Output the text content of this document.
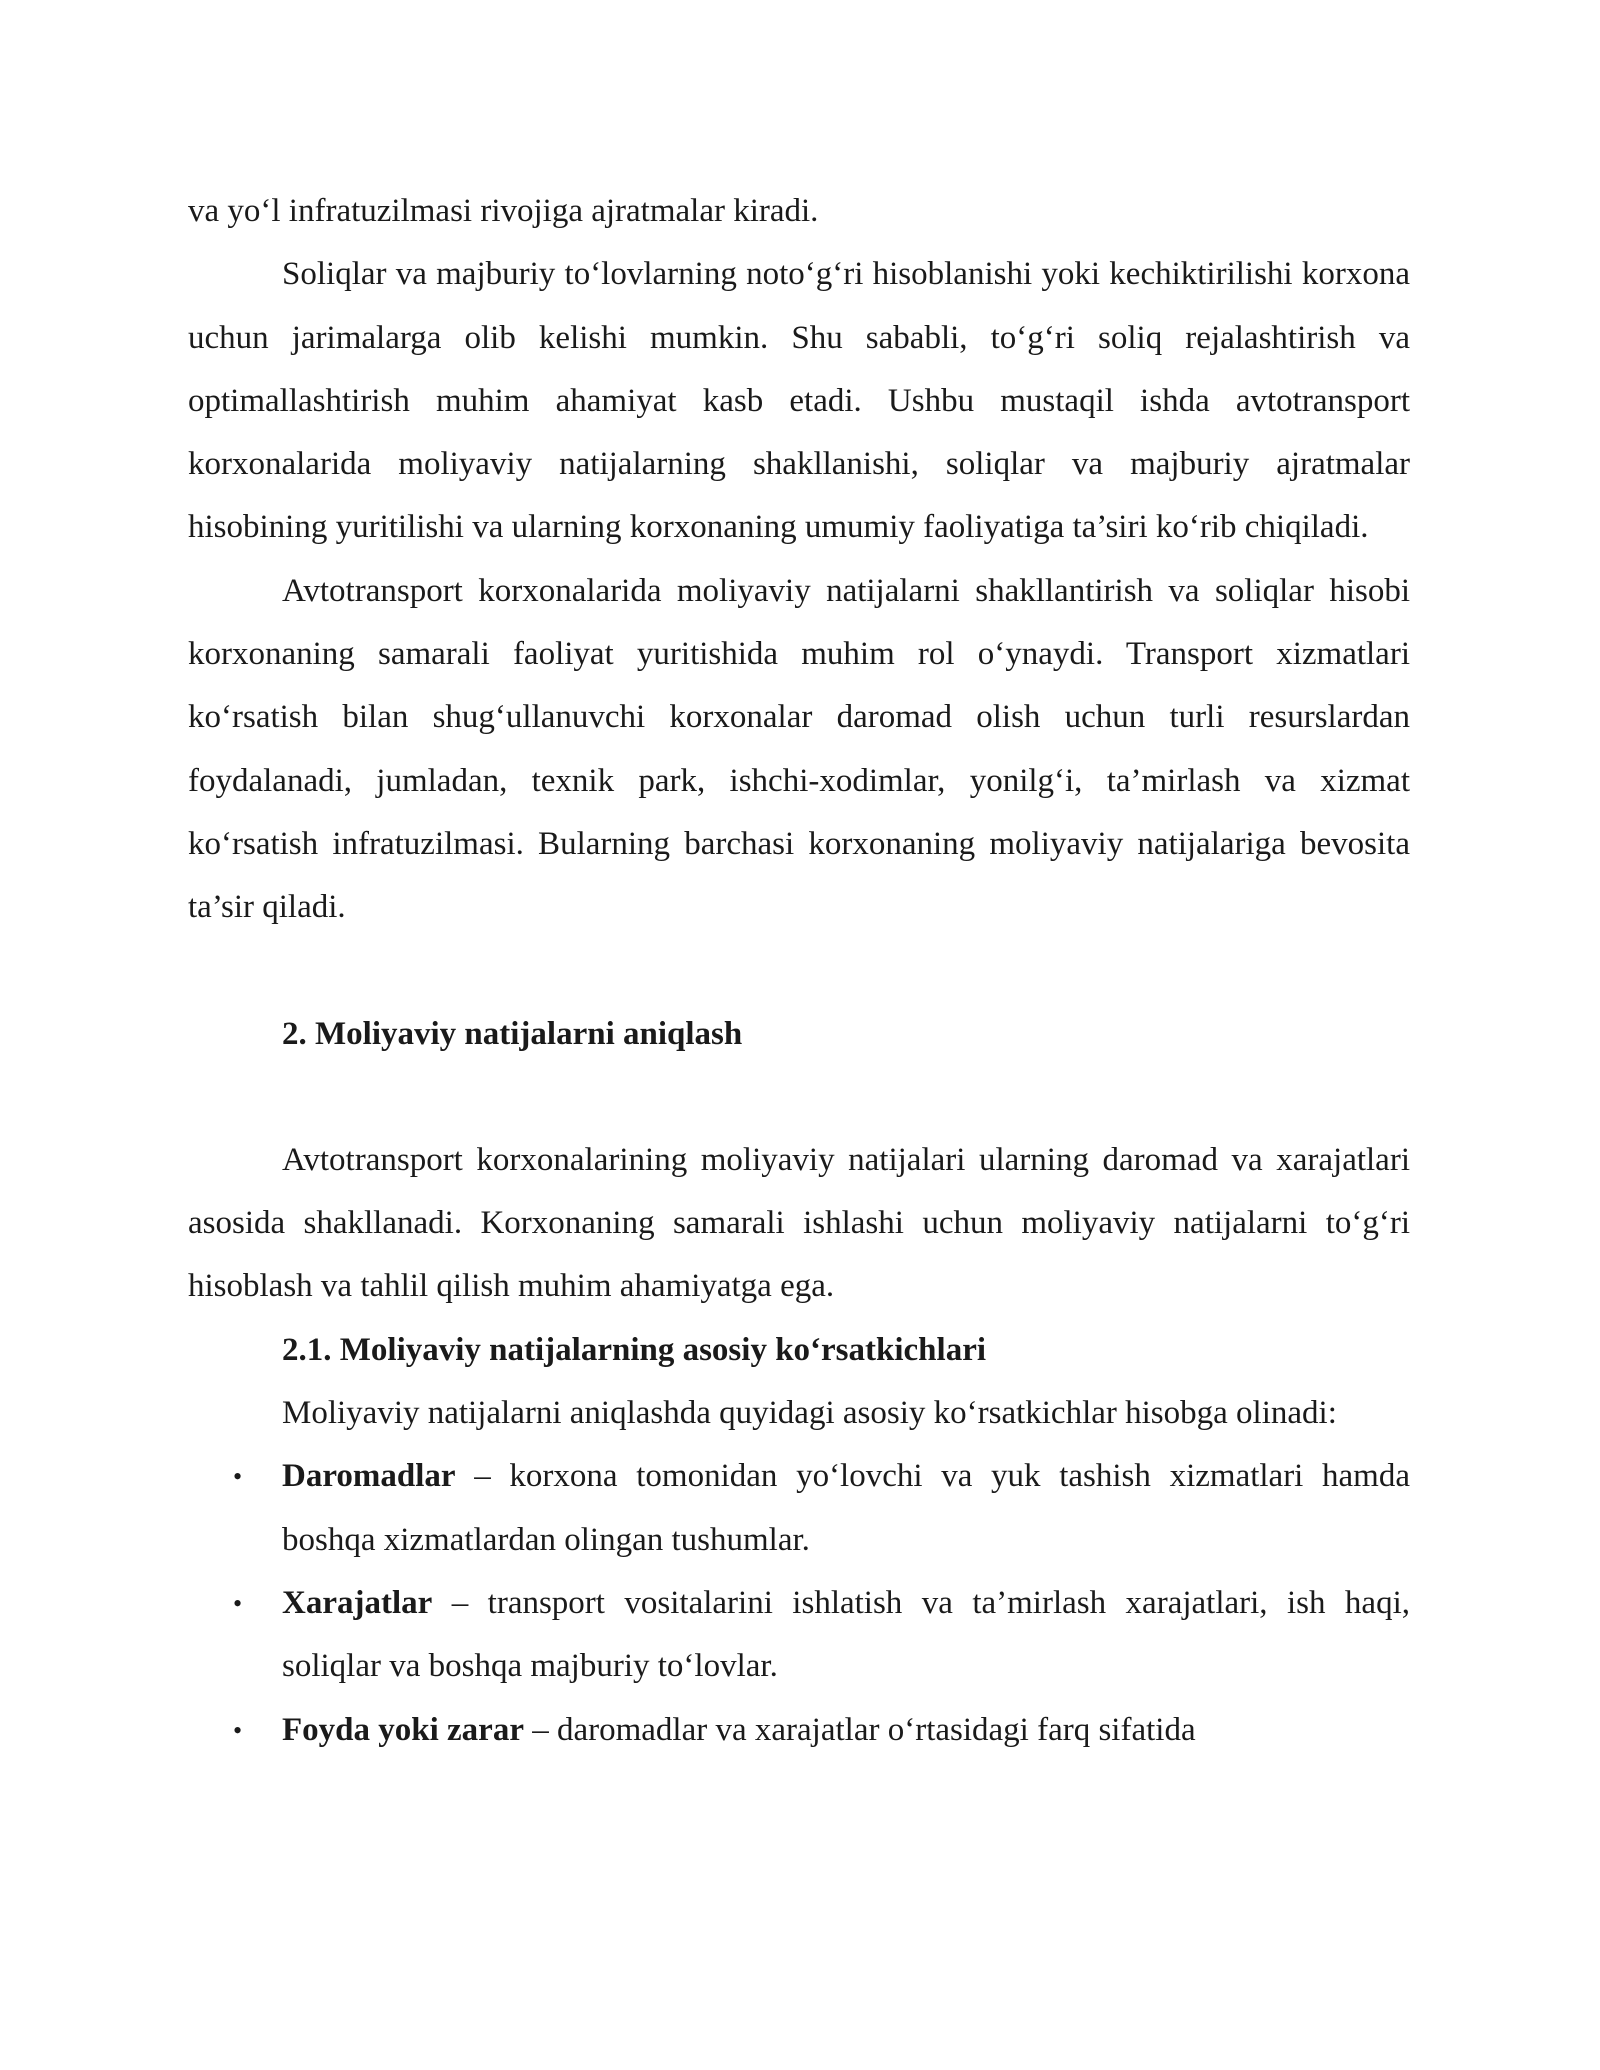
va yo‘l infratuzilmasi rivojiga ajratmalar kiradi.

Soliqlar va majburiy to‘lovlarning noto‘g‘ri hisoblanishi yoki kechiktirilishi korxona uchun jarimalarga olib kelishi mumkin. Shu sababli, to‘g‘ri soliq rejalashtirish va optimallashtirish muhim ahamiyat kasb etadi. Ushbu mustaqil ishda avtotransport korxonalarida moliyaviy natijalarning shakllanishi, soliqlar va majburiy ajratmalar hisobining yuritilishi va ularning korxonaning umumiy faoliyatiga ta’siri ko‘rib chiqiladi.

Avtotransport korxonalarida moliyaviy natijalarni shakllantirish va soliqlar hisobi korxonaning samarali faoliyat yuritishida muhim rol o‘ynaydi. Transport xizmatlari ko‘rsatish bilan shug‘ullanuvchi korxonalar daromad olish uchun turli resurslardan foydalanadi, jumladan, texnik park, ishchi-xodimlar, yonilg‘i, ta’mirlash va xizmat ko‘rsatish infratuzilmasi. Bularning barchasi korxonaning moliyaviy natijalariga bevosita ta’sir qiladi.

2. Moliyaviy natijalarni aniqlash

Avtotransport korxonalarining moliyaviy natijalari ularning daromad va xarajatlari asosida shakllanadi. Korxonaning samarali ishlashi uchun moliyaviy natijalarni to‘g‘ri hisoblash va tahlil qilish muhim ahamiyatga ega.

2.1. Moliyaviy natijalarning asosiy ko‘rsatkichlari

Moliyaviy natijalarni aniqlashda quyidagi asosiy ko‘rsatkichlar hisobga olinadi:

• Daromadlar – korxona tomonidan yo‘lovchi va yuk tashish xizmatlari hamda boshqa xizmatlardan olingan tushumlar.
• Xarajatlar – transport vositalarini ishlatish va ta’mirlash xarajatlari, ish haqi, soliqlar va boshqa majburiy to‘lovlar.
• Foyda yoki zarar – daromadlar va xarajatlar o‘rtasidagi farq sifatida
